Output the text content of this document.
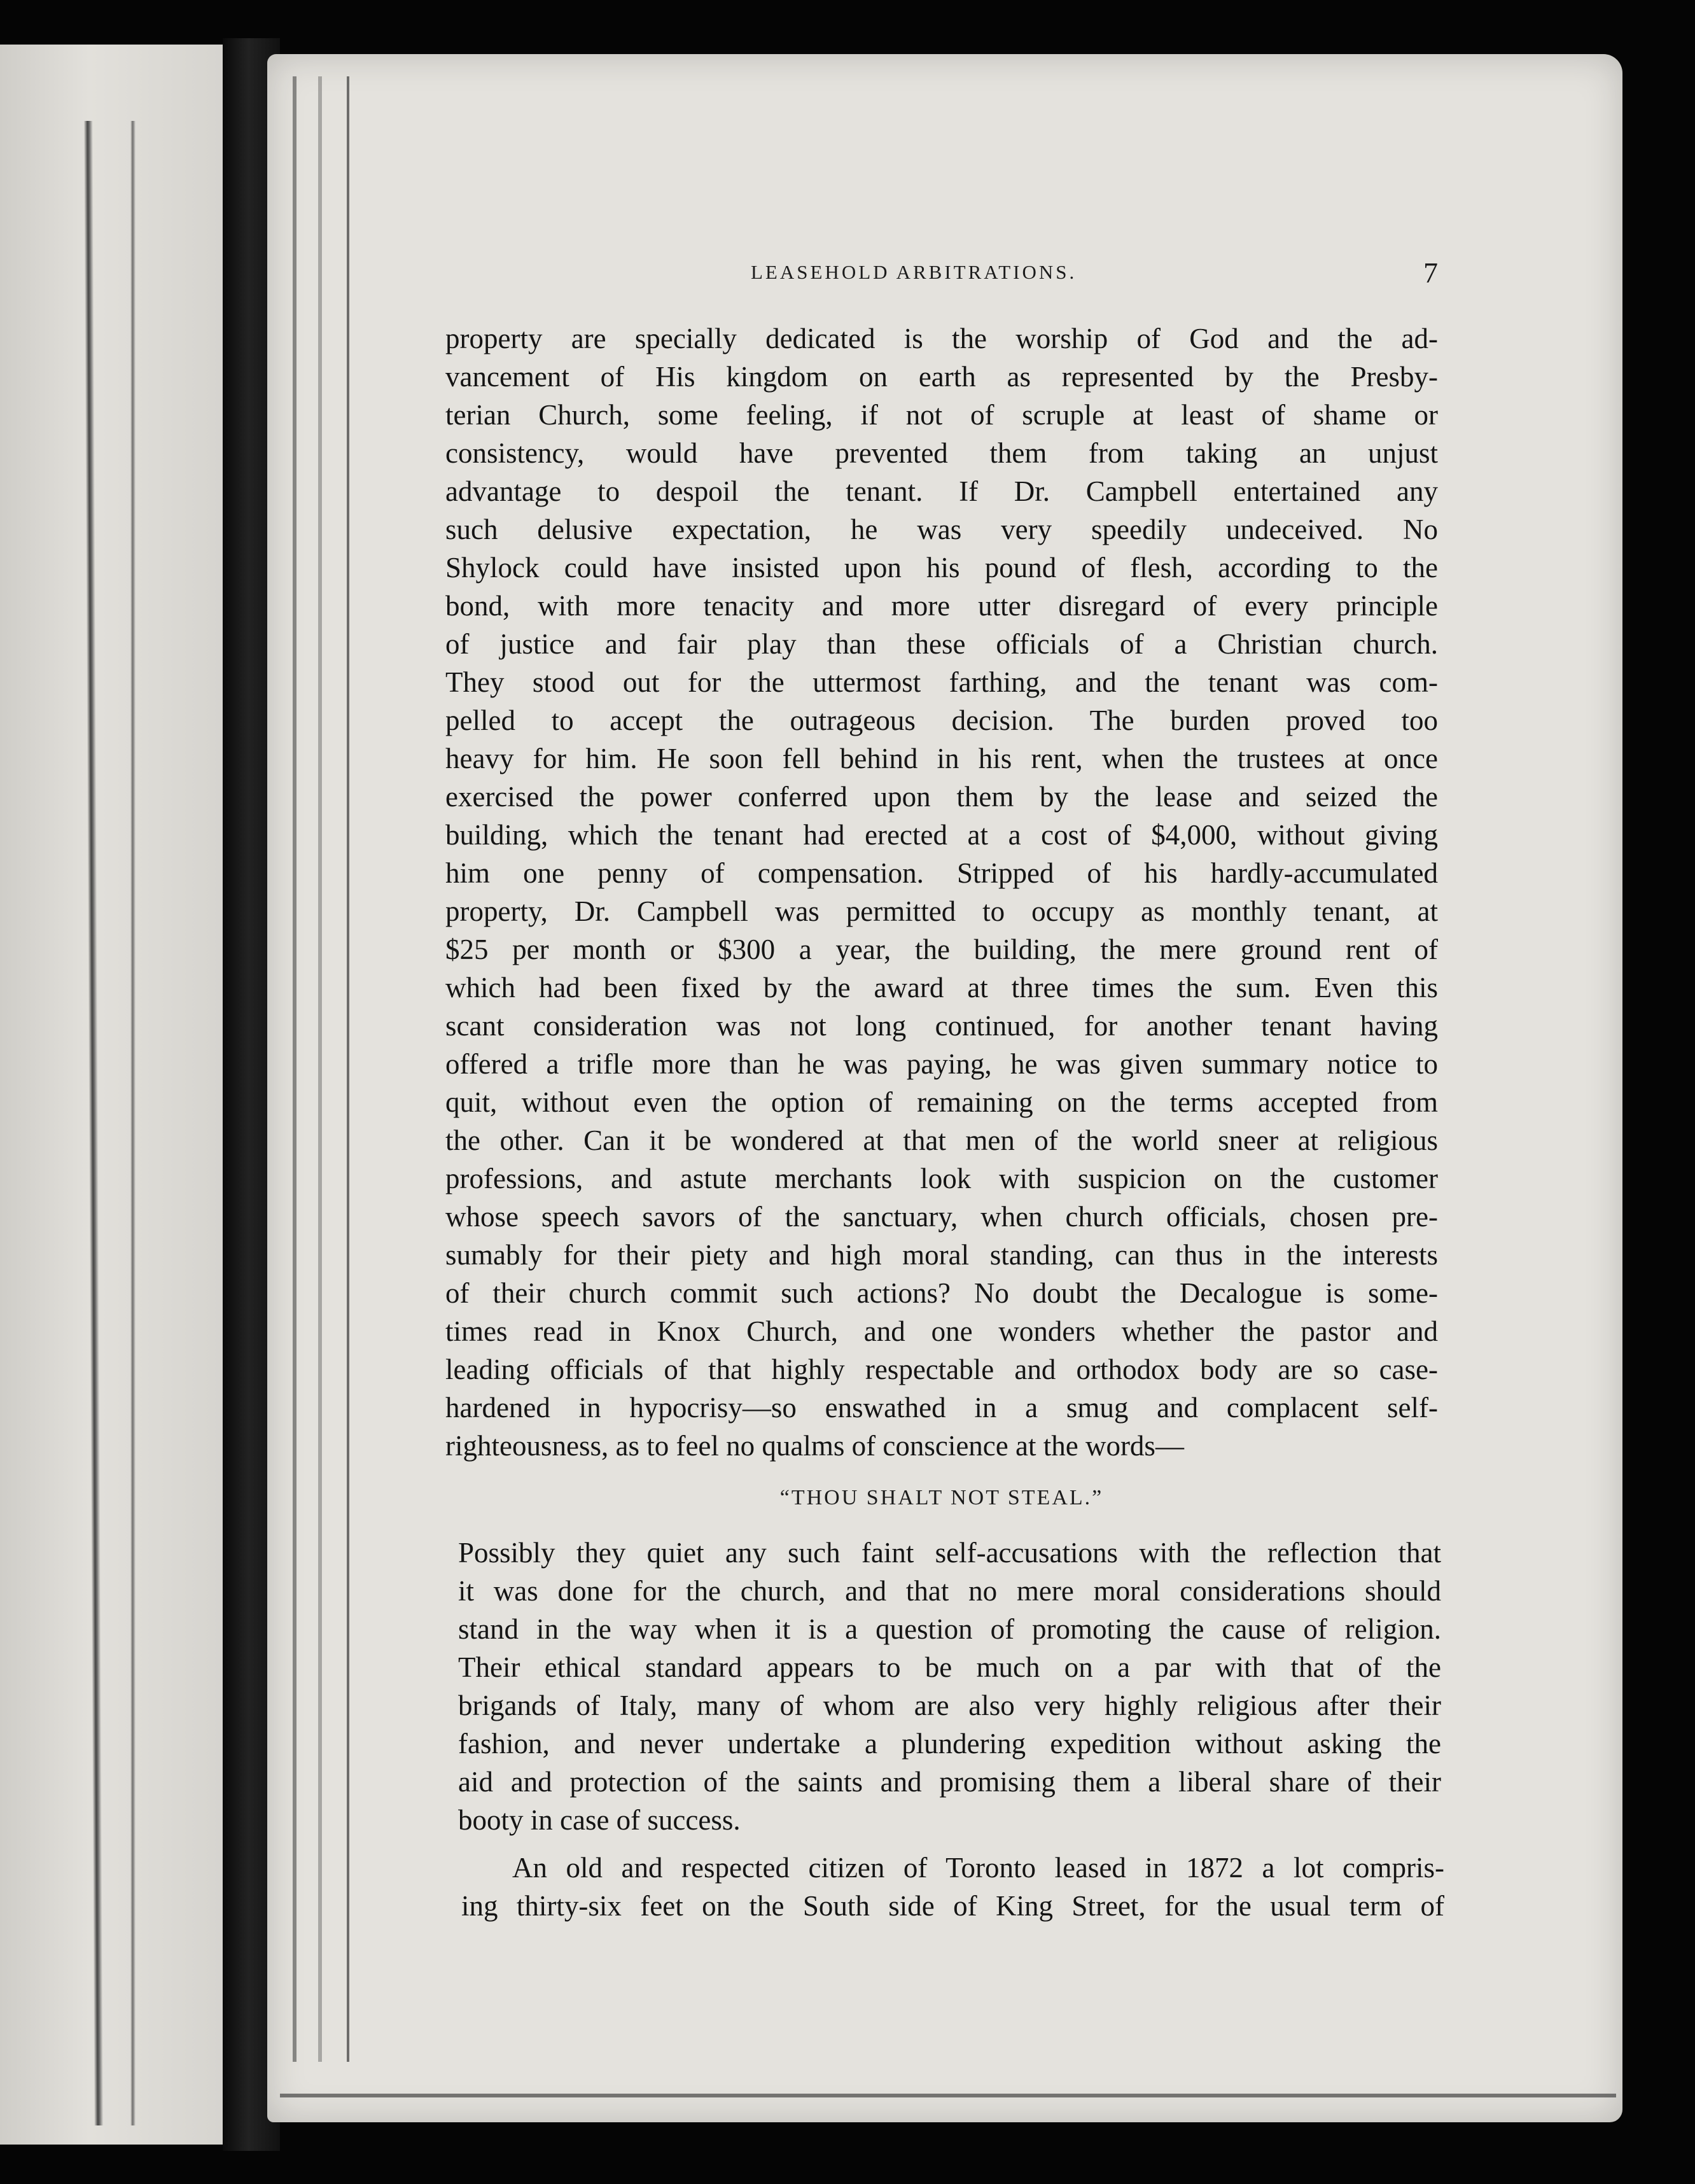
LEASEHOLD ARBITRATIONS.	7
property are specially dedicated is the worship of God and the ad-
vancement of His kingdom on earth as represented by the Presby-
terian Church, some feeling, if not of scruple at least of shame or
consistency, would have prevented them from taking an unjust
advantage to despoil the tenant. If Dr. Campbell entertained any
such delusive expectation, he was very speedily undeceived. No
Shylock could have insisted upon his pound of flesh, according to the
bond, with more tenacity and more utter disregard of every principle
of justice and fair play than these officials of a Christian church.
They stood out for the uttermost farthing, and the tenant was com-
pelled to accept the outrageous decision. The burden proved too
heavy for him. He soon fell behind in his rent, when the trustees at once
exercised the power conferred upon them by the lease and seized the
building, which the tenant had erected at a cost of $4,000, without giving
him one penny of compensation. Stripped of his hardly-accumulated
property, Dr. Campbell was permitted to occupy as monthly tenant, at
$25 per month or $300 a year, the building, the mere ground rent of
which had been fixed by the award at three times the sum. Even this
scant consideration was not long continued, for another tenant having
offered a trifle more than he was paying, he was given summary notice to
quit, without even the option of remaining on the terms accepted from
the other. Can it be wondered at that men of the world sneer at religious
professions, and astute merchants look with suspicion on the customer
whose speech savors of the sanctuary, when church officials, chosen pre-
sumably for their piety and high moral standing, can thus in the interests
of their church commit such actions? No doubt the Decalogue is some-
times read in Knox Church, and one wonders whether the pastor and
leading officials of that highly respectable and orthodox body are so case-
hardened in hypocrisy—so enswathed in a smug and complacent self-
righteousness, as to feel no qualms of conscience at the words—
“THOU SHALT NOT STEAL.”
Possibly they quiet any such faint self-accusations with the reflection that
it was done for the church, and that no mere moral considerations should
stand in the way when it is a question of promoting the cause of religion.
Their ethical standard appears to be much on a par with that of the
brigands of Italy, many of whom are also very highly religious after their
fashion, and never undertake a plundering expedition without asking the
aid and protection of the saints and promising them a liberal share of their
booty in case of success.
An old and respected citizen of Toronto leased in 1872 a lot compris-
ing thirty-six feet on the South side of King Street, for the usual term of
